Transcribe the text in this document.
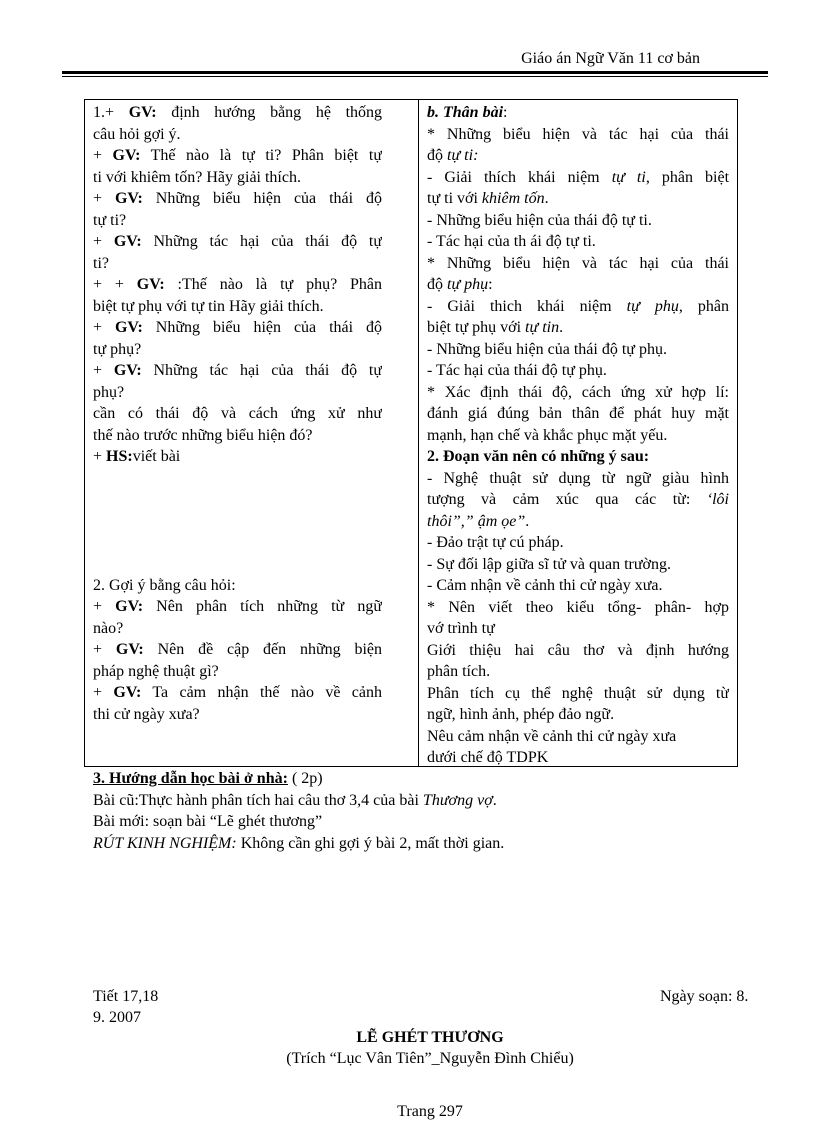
Giáo án Ngữ Văn 11 cơ bản

1.+ GV: định hướng bằng hệ thống

câu hỏi gợi ý.

+ GV: Thế nào là tự ti? Phân biệt tự

ti với khiêm tốn? Hãy giải thích.

+ GV: Những biểu hiện của thái độ

tự ti?

+ GV: Những tác hại của thái độ tự

ti?

+ + GV: :Thế nào là tự phụ? Phân

biệt tự phụ với tự tin Hãy giải thích.

+ GV: Những biểu hiện của thái độ

tự phụ?

+ GV: Những tác hại của thái độ tự

phụ?

cần có thái độ và cách ứng xử như

thế nào trước những biểu hiện đó?

+ HS:viết bài

2. Gợi ý bằng câu hỏi:

+ GV: Nên phân tích những từ ngữ

nào?

+ GV: Nên đề cập đến những biện

pháp nghệ thuật gì?

+ GV: Ta cảm nhận thế nào về cảnh

thi cử ngày xưa?

b. Thân bài:

* Những biểu hiện và tác hại của thái

độ tự ti:

- Giải thích khái niệm tự ti, phân biệt

tự ti với khiêm tốn.

- Những biểu hiện của thái độ tự ti.

- Tác hại của th ái độ tự ti.

* Những biểu hiện và tác hại của thái

độ tự phụ:

- Giải thich khái niệm tự phụ, phân

biệt tự phụ với tự tin.

- Những biểu hiện của thái độ tự phụ.

- Tác hại của thái độ tự phụ.

* Xác định thái độ, cách ứng xử hợp lí:

đánh giá đúng bản thân để phát huy mặt

mạnh, hạn chế và khắc phục mặt yếu.

2. Đoạn văn nên có những ý sau:

- Nghệ thuật sử dụng từ ngữ giàu hình

tượng và cảm xúc qua các từ: ‘lôi

thôi”,” ậm ọe”.

- Đảo trật tự cú pháp.

- Sự đối lập giữa sĩ tử và quan trường.

- Cảm nhận về cảnh thi cử ngày xưa.

* Nên viết theo kiểu tổng- phân- hợp

vớ trình tự

Giới thiệu hai câu thơ và định hướng

phân tích.

Phân tích cụ thể nghệ thuật sử dụng từ

ngữ, hình ảnh, phép đảo ngữ.

Nêu cảm nhận về cảnh thi cử ngày xưa

dưới chế độ TDPK

3. Hướng dẫn học bài ở nhà: ( 2p)

Bài cũ:Thực hành phân tích hai câu thơ 3,4 của bài Thương vợ.

Bài mới: soạn bài “Lẽ ghét thương”

RÚT KINH NGHIỆM: Không cần ghi gợi ý bài 2, mất thời gian.

Tiết 17,18
9. 2007
Ngày soạn: 8.
LẼ GHÉT THƯƠNG
(Trích “Lục Vân Tiên”_Nguyễn Đình Chiểu)
Trang 297
